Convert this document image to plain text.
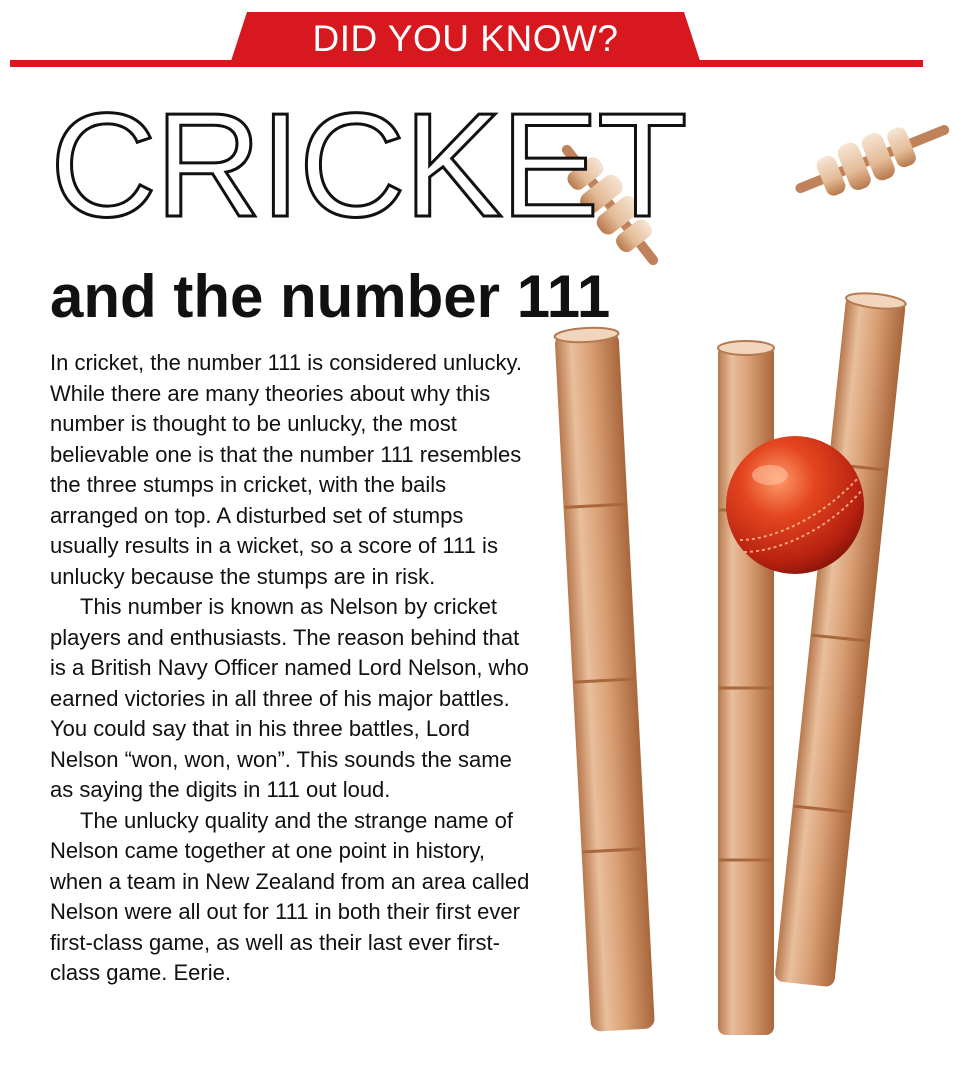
DID YOU KNOW?
CRICKET
and the number 111

In cricket, the number 111 is considered unlucky. While there are many theories about why this number is thought to be unlucky, the most believable one is that the number 111 resembles the three stumps in cricket, with the bails arranged on top. A disturbed set of stumps usually results in a wicket, so a score of 111 is unlucky because the stumps are in risk.

This number is known as Nelson by cricket players and enthusiasts. The reason behind that is a British Navy Officer named Lord Nelson, who earned victories in all three of his major battles. You could say that in his three battles, Lord Nelson “won, won, won”. This sounds the same as saying the digits in 111 out loud.

The unlucky quality and the strange name of Nelson came together at one point in history, when a team in New Zealand from an area called Nelson were all out for 111 in both their first ever first-class game, as well as their last ever first-class game. Eerie.
